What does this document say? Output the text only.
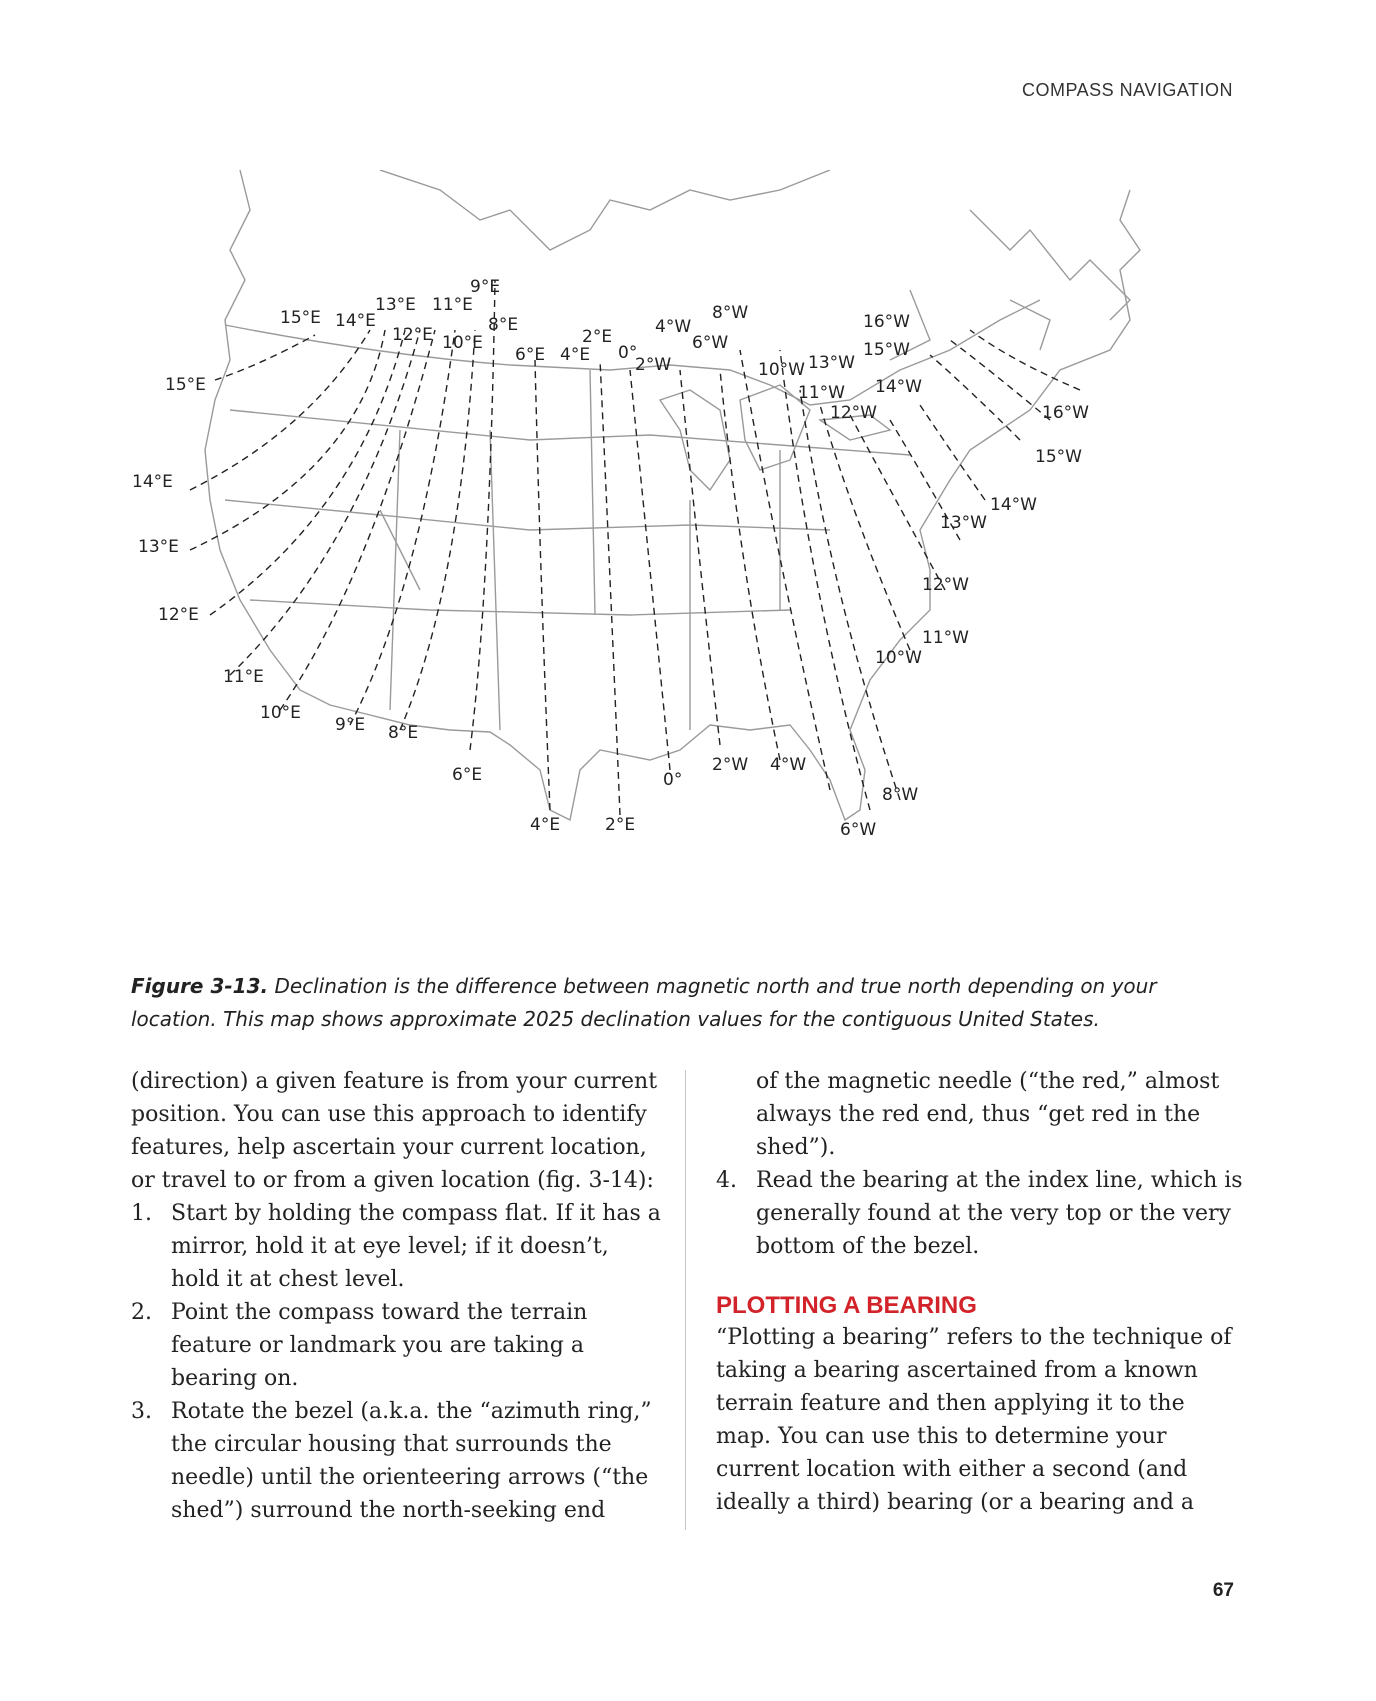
COMPASS NAVIGATION
15°E
15°E
14°E
14°E
13°E
13°E
12°E
12°E
11°E
11°E
10°E
10°E
9°E
9°E
8°E
8°E
6°E
6°E
4°E
4°E
2°E
2°E
0°
0°
2°W
2°W
4°W
4°W
6°W
6°W
8°W
8°W
10°W
10°W
11°W
11°W
12°W
12°W
13°W
13°W
14°W
14°W
15°W
15°W
16°W
16°W
Figure 3-13. Declination is the difference between magnetic north and true north depending on your location. This map shows approximate 2025 declination values for the contiguous United States.

(direction) a given feature is from your current position. You can use this approach to identify features, help ascertain your current location, or travel to or from a given location (fig. 3-14):

1. Start by holding the compass flat. If it has a mirror, hold it at eye level; if it doesn’t, hold it at chest level.
2. Point the compass toward the terrain feature or landmark you are taking a bearing on.
3. Rotate the bezel (a.k.a. the “azimuth ring,” the circular housing that surrounds the needle) until the orienteering arrows (“the shed”) surround the north-seeking end

of the magnetic needle (“the red,” almost always the red end, thus “get red in the shed”).

4. Read the bearing at the index line, which is generally found at the very top or the very bottom of the bezel.
PLOTTING A BEARING

“Plotting a bearing” refers to the technique of taking a bearing ascertained from a known terrain feature and then applying it to the map. You can use this to determine your current location with either a second (and ideally a third) bearing (or a bearing and a

67
